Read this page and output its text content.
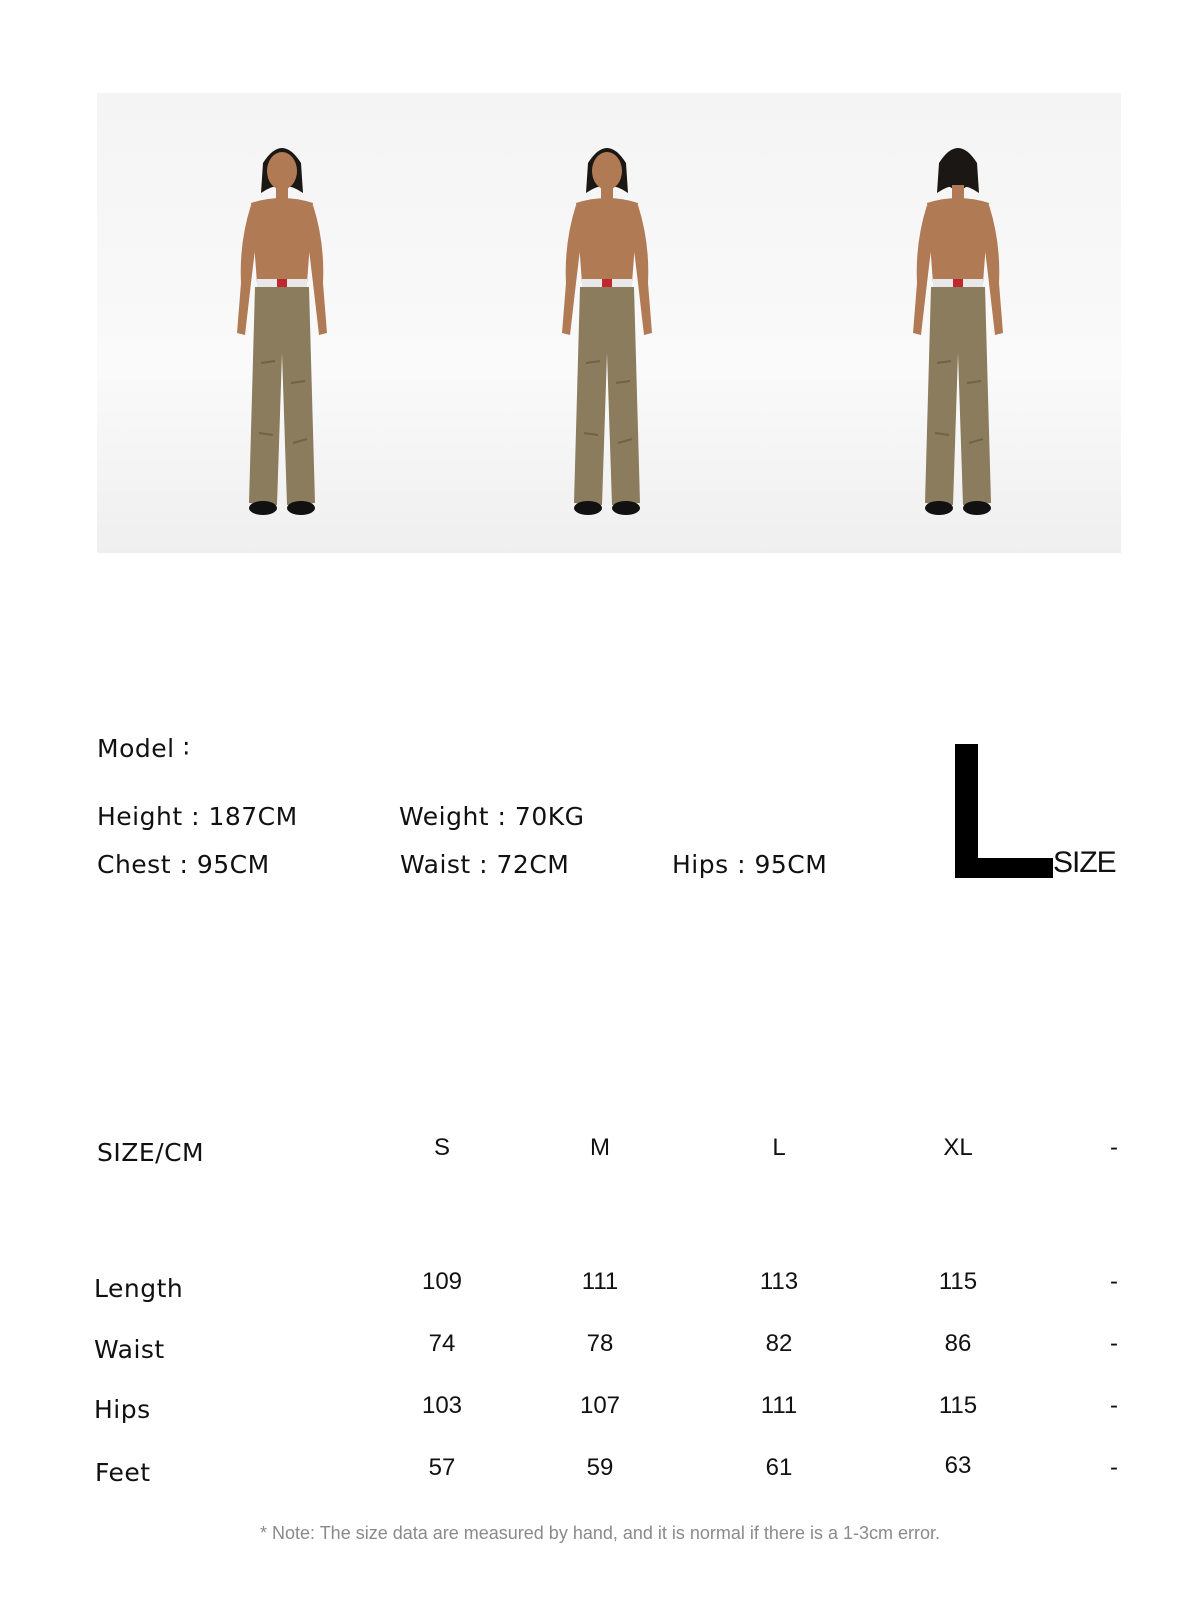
Model ∶
Height : 187CM	Weight : 70KG
Chest : 95CM	Waist : 72CM	Hips : 95CM	SIZE
SIZE/CM	S	M	L	XL	-
Length	109	111	113	115	-
Waist	74	78	82	86	-
Hips	103	107	111	115	-
Feet	57	59	61	63	-
* Note: The size data are measured by hand, and it is normal if there is a 1-3cm error.
